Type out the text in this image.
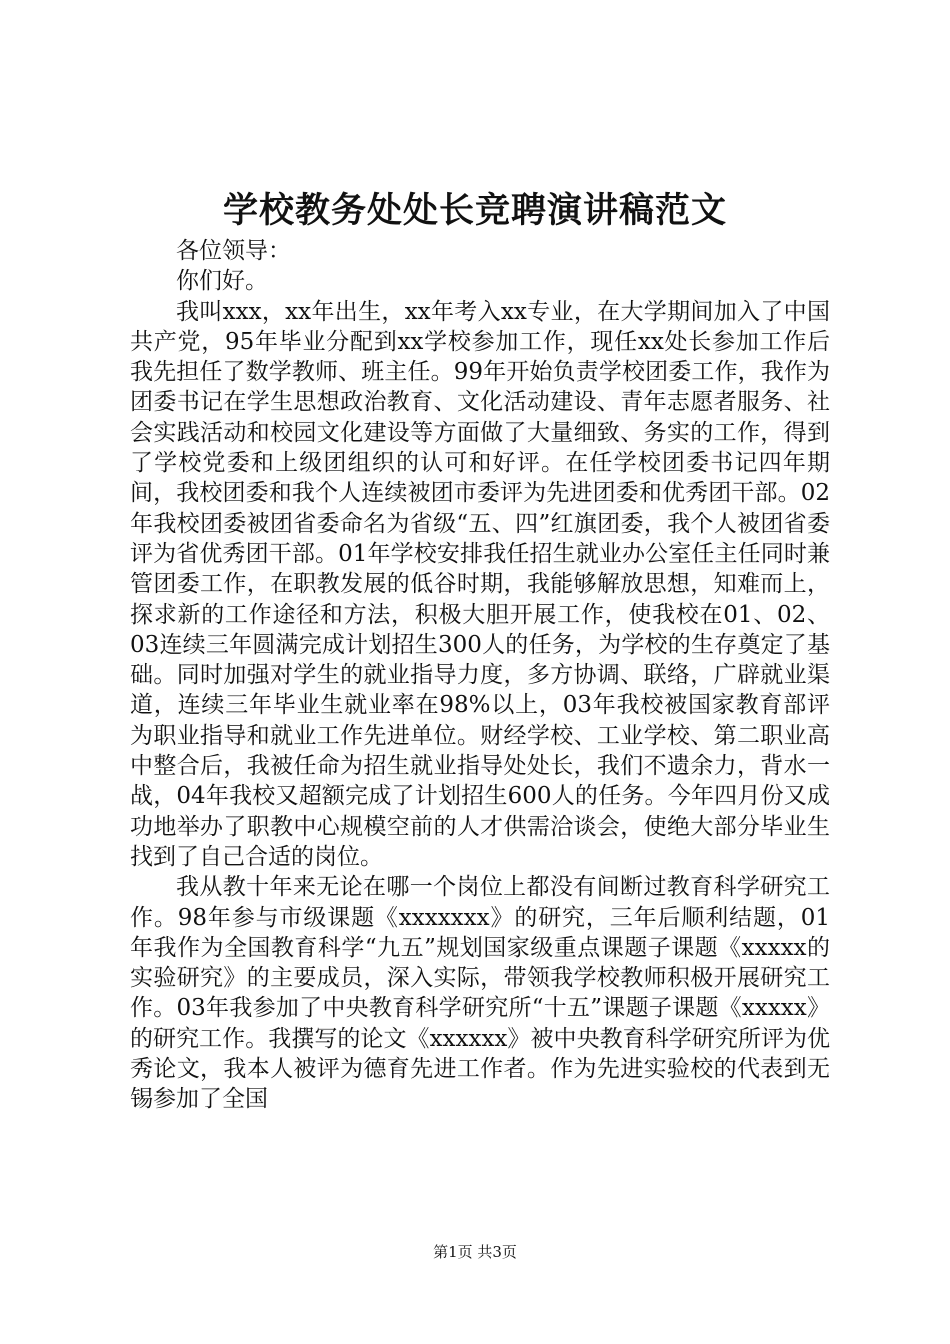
学校教务处处长竞聘演讲稿范文

各位领导：

你们好。

我叫xxx，xx年出生，xx年考入xx专业，在大学期间加入了中国共产党，95年毕业分配到xx学校参加工作，现任xx处长参加工作后我先担任了数学教师、班主任。99年开始负责学校团委工作，我作为团委书记在学生思想政治教育、文化活动建设、青年志愿者服务、社会实践活动和校园文化建设等方面做了大量细致、务实的工作，得到了学校党委和上级团组织的认可和好评。在任学校团委书记四年期间，我校团委和我个人连续被团市委评为先进团委和优秀团干部。02年我校团委被团省委命名为省级“五、四”红旗团委，我个人被团省委评为省优秀团干部。01年学校安排我任招生就业办公室任主任同时兼管团委工作，在职教发展的低谷时期，我能够解放思想，知难而上，探求新的工作途径和方法，积极大胆开展工作，使我校在01、02、03连续三年圆满完成计划招生300人的任务，为学校的生存奠定了基础。同时加强对学生的就业指导力度，多方协调、联络，广辟就业渠道，连续三年毕业生就业率在98%以上，03年我校被国家教育部评为职业指导和就业工作先进单位。财经学校、工业学校、第二职业高中整合后，我被任命为招生就业指导处处长，我们不遗余力，背水一战，04年我校又超额完成了计划招生600人的任务。今年四月份又成功地举办了职教中心规模空前的人才供需洽谈会，使绝大部分毕业生找到了自己合适的岗位。

我从教十年来无论在哪一个岗位上都没有间断过教育科学研究工作。98年参与市级课题《xxxxxxx》的研究，三年后顺利结题，01年我作为全国教育科学“九五”规划国家级重点课题子课题《xxxxx的实验研究》的主要成员，深入实际，带领我学校教师积极开展研究工作。03年我参加了中央教育科学研究所“十五”课题子课题《xxxxx》的研究工作。我撰写的论文《xxxxxx》被中央教育科学研究所评为优秀论文，我本人被评为德育先进工作者。作为先进实验校的代表到无锡参加了全国

第1页 共3页
